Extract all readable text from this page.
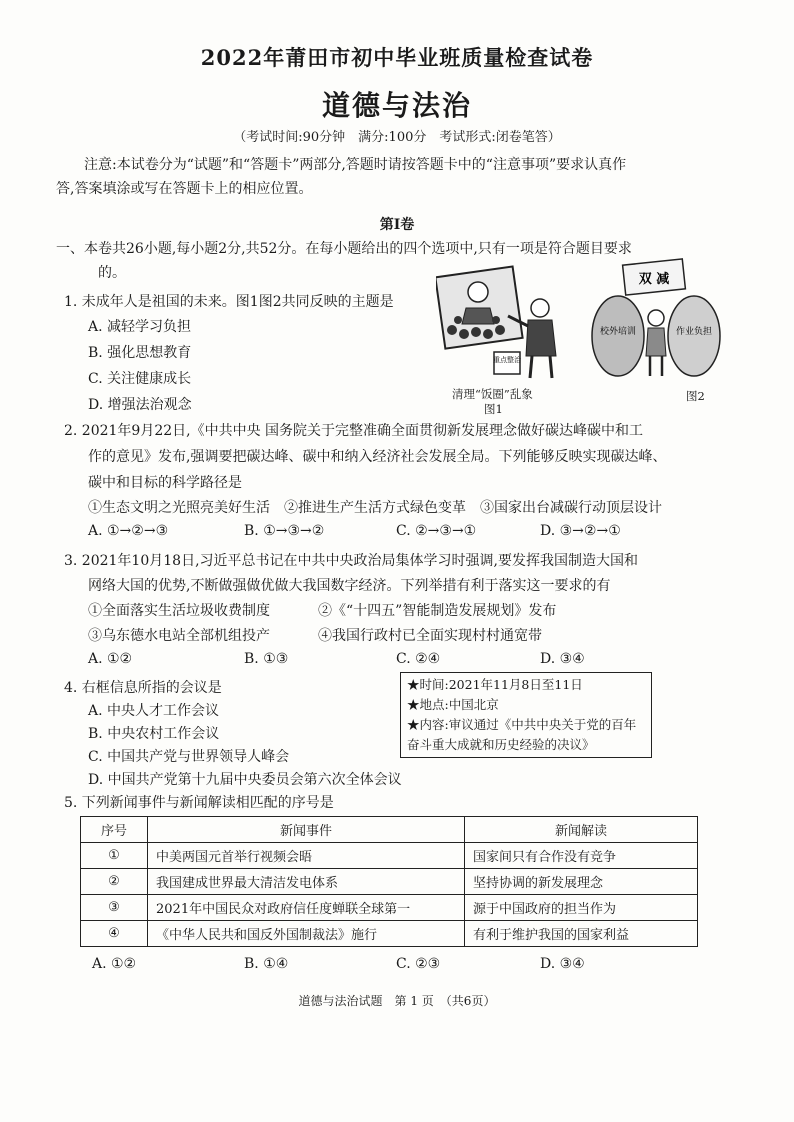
2022年莆田市初中毕业班质量检查试卷
道德与法治
（考试时间:90分钟　满分:100分　考试形式:闭卷笔答）
注意:本试卷分为“试题”和“答题卡”两部分,答题时请按答题卡中的“注意事项”要求认真作
答,答案填涂或写在答题卡上的相应位置。
第Ⅰ卷
一、本卷共26小题,每小题2分,共52分。在每小题给出的四个选项中,只有一项是符合题目要求
的。
1. 未成年人是祖国的未来。图1图2共同反映的主题是
A. 减轻学习负担
B. 强化思想教育
C. 关注健康成长
D. 增强法治观念
重点整治
清理“饭圈”乱象
图1
双 减
校外培训	作业负担
图2
2. 2021年9月22日,《中共中央 国务院关于完整准确全面贯彻新发展理念做好碳达峰碳中和工
作的意见》发布,强调要把碳达峰、碳中和纳入经济社会发展全局。下列能够反映实现碳达峰、
碳中和目标的科学路径是
①生态文明之光照亮美好生活　②推进生产生活方式绿色变革　③国家出台减碳行动顶层设计
A. ①→②→③	B. ①→③→②	C. ②→③→①	D. ③→②→①
3. 2021年10月18日,习近平总书记在中共中央政治局集体学习时强调,要发挥我国制造大国和
网络大国的优势,不断做强做优做大我国数字经济。下列举措有利于落实这一要求的有
①全面落实生活垃圾收费制度	②《“十四五”智能制造发展规划》发布
③乌东德水电站全部机组投产	④我国行政村已全面实现村村通宽带
A. ①②	B. ①③	C. ②④	D. ③④
4. 右框信息所指的会议是
A. 中央人才工作会议
B. 中央农村工作会议
C. 中国共产党与世界领导人峰会
D. 中国共产党第十九届中央委员会第六次全体会议
★时间:2021年11月8日至11日
★地点:中国北京
★内容:审议通过《中共中央关于党的百年
奋斗重大成就和历史经验的决议》
5. 下列新闻事件与新闻解读相匹配的序号是
序号	新闻事件	新闻解读
①	中美两国元首举行视频会晤	国家间只有合作没有竞争
②	我国建成世界最大清洁发电体系	坚持协调的新发展理念
③	2021年中国民众对政府信任度蝉联全球第一	源于中国政府的担当作为
④	《中华人民共和国反外国制裁法》施行	有利于维护我国的国家利益
A. ①②	B. ①④	C. ②③	D. ③④
道德与法治试题　第 1 页　（共6页）
